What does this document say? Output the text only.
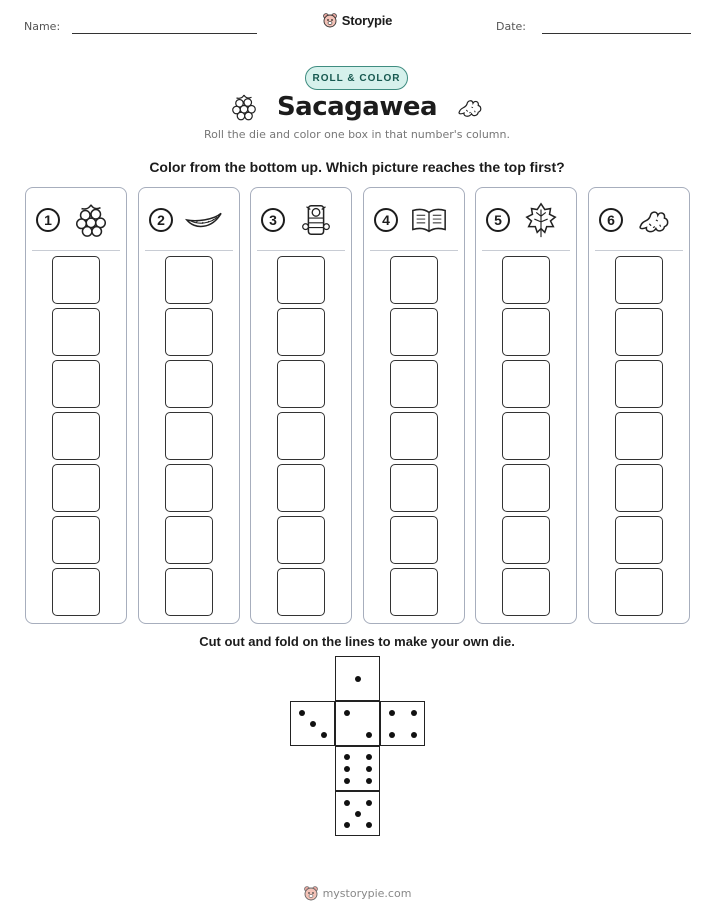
Name:	Storypie	Date:
ROLL & COLOR
Sacagawea
Roll the die and color one box in that number's column.
Color from the bottom up. Which picture reaches the top first?
1	2	3	4	5	6
Cut out and fold on the lines to make your own die.
mystorypie.com
